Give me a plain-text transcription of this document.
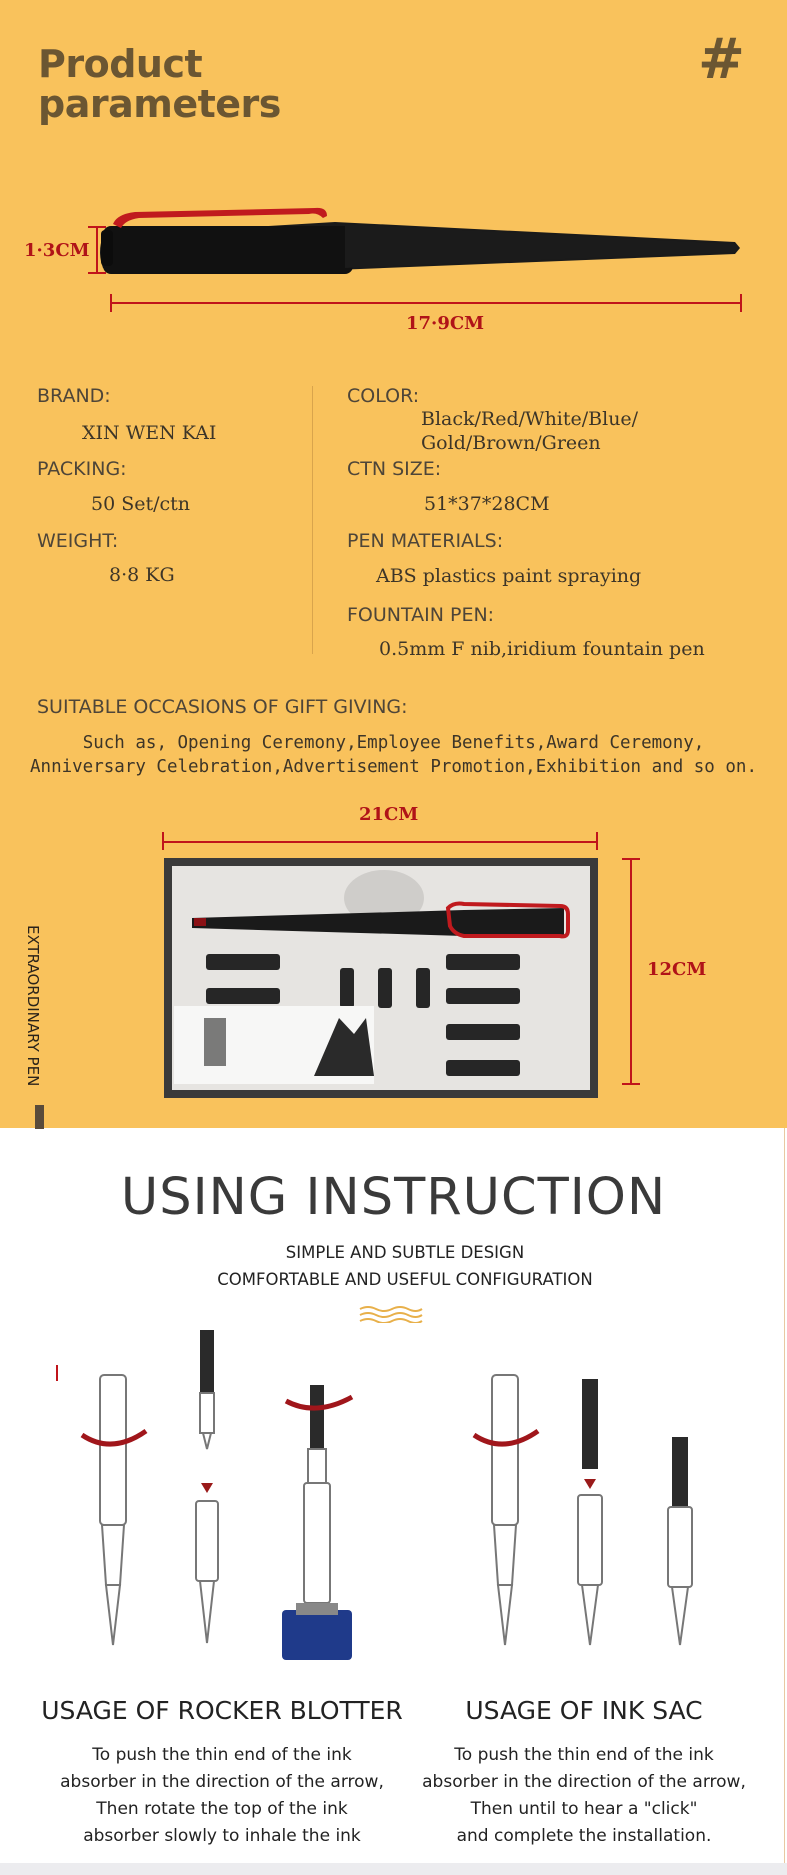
Product
parameters
#
1·3CM
17·9CM
BRAND:
XIN WEN KAI
PACKING:
50 Set/ctn
WEIGHT:
8·8 KG
COLOR:
Black/Red/White/Blue/
Gold/Brown/Green
CTN SIZE:
51*37*28CM
PEN MATERIALS:
ABS plastics paint spraying
FOUNTAIN PEN:
0.5mm F nib,iridium fountain pen
SUITABLE OCCASIONS OF GIFT GIVING:
Such as, Opening Ceremony,Employee Benefits,Award Ceremony,
Anniversary Celebration,Advertisement Promotion,Exhibition and so on.
21CM
12CM
EXTRAORDINARY PEN
USING INSTRUCTION
SIMPLE AND SUBTLE DESIGN
COMFORTABLE AND USEFUL CONFIGURATION
USAGE OF ROCKER BLOTTER
To push the thin end of the ink
absorber in the direction of the arrow,
Then rotate the top of the ink
absorber slowly to inhale the ink
USAGE OF INK SAC
To push the thin end of the ink
absorber in the direction of the arrow,
Then until to hear a "click"
and complete the installation.
